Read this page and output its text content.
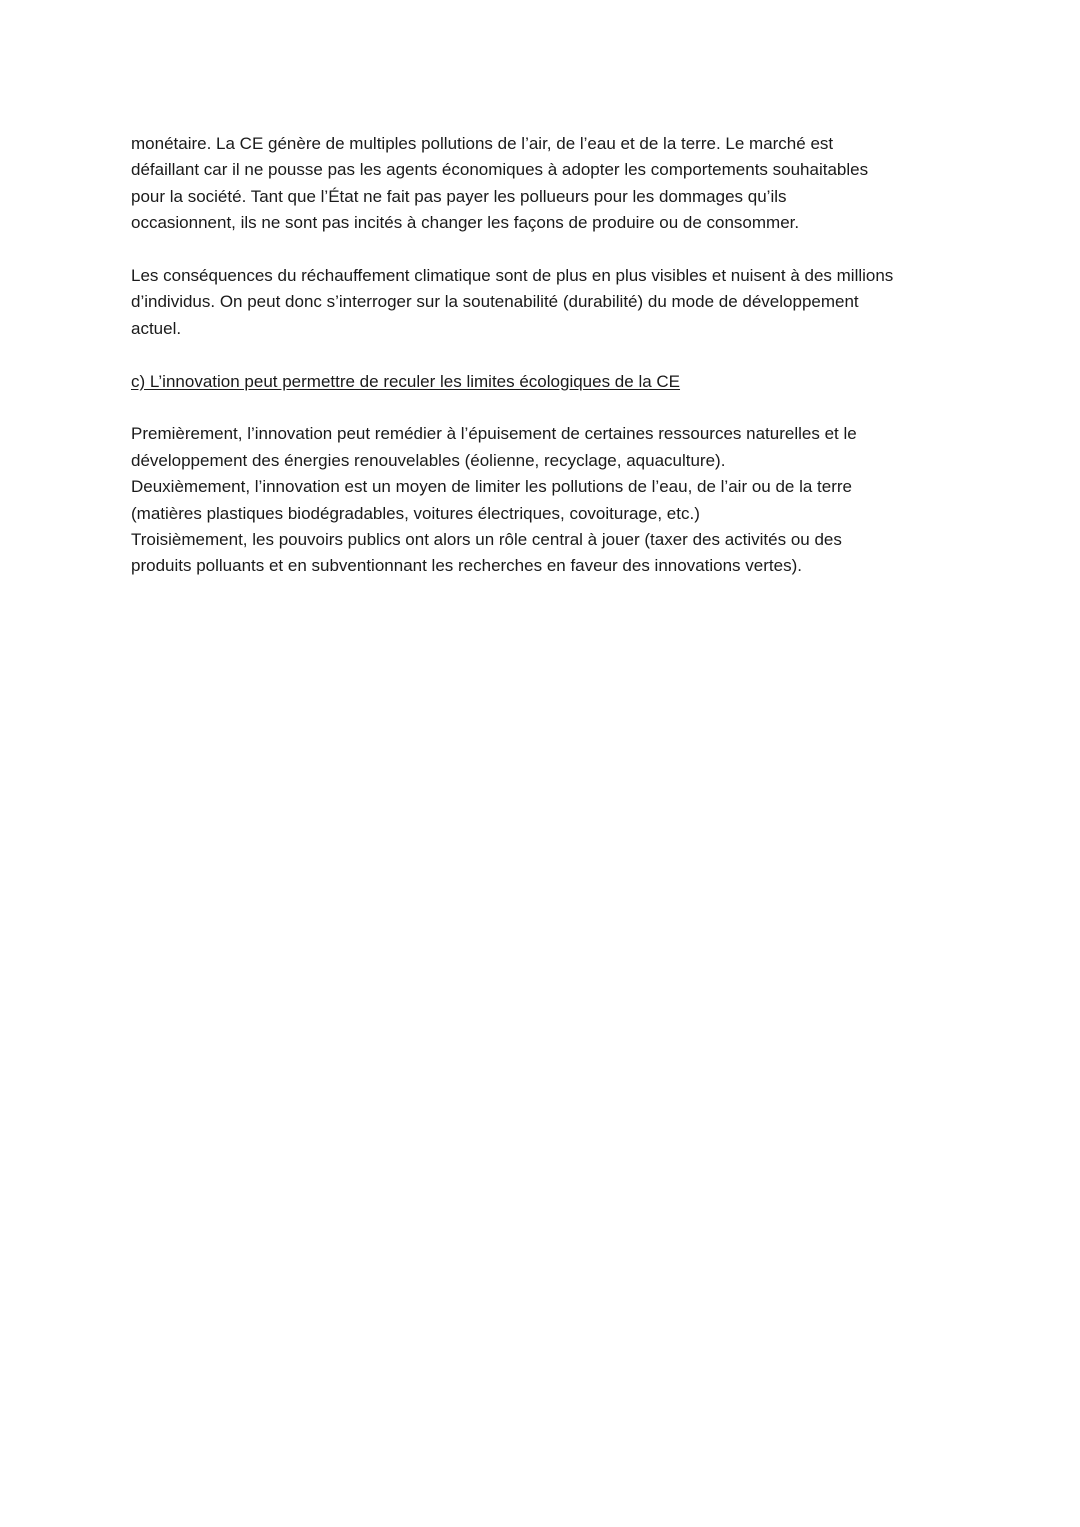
monétaire. La CE génère de multiples pollutions de l’air, de l’eau et de la terre. Le marché est
défaillant car il ne pousse pas les agents économiques à adopter les comportements souhaitables
pour la société. Tant que l’État ne fait pas payer les pollueurs pour les dommages qu’ils
occasionnent, ils ne sont pas incités à changer les façons de produire ou de consommer.

Les conséquences du réchauffement climatique sont de plus en plus visibles et nuisent à des millions
d’individus. On peut donc s’interroger sur la soutenabilité (durabilité) du mode de développement
actuel.

c) L’innovation peut permettre de reculer les limites écologiques de la CE

Premièrement, l’innovation peut remédier à l’épuisement de certaines ressources naturelles et le
développement des énergies renouvelables (éolienne, recyclage, aquaculture).
Deuxièmement, l’innovation est un moyen de limiter les pollutions de l’eau, de l’air ou de la terre
(matières plastiques biodégradables, voitures électriques, covoiturage, etc.)
Troisièmement, les pouvoirs publics ont alors un rôle central à jouer (taxer des activités ou des
produits polluants et en subventionnant les recherches en faveur des innovations vertes).
